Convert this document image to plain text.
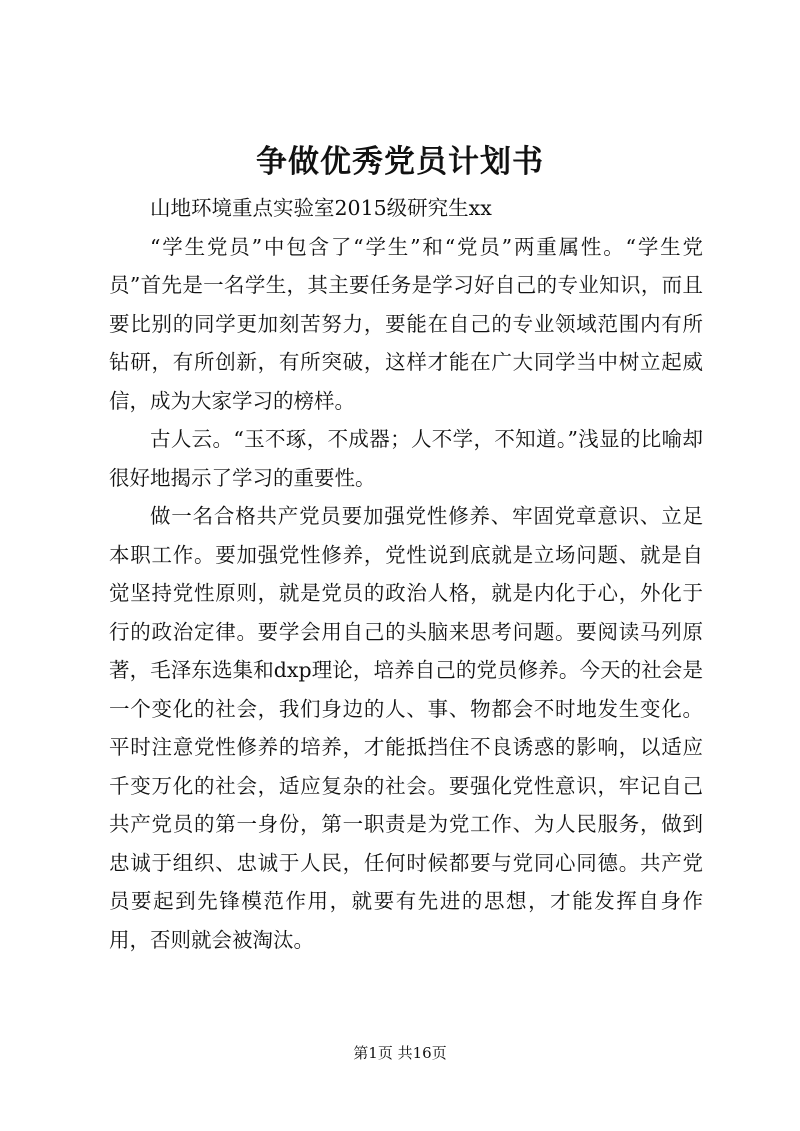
争做优秀党员计划书

山地环境重点实验室2015级研究生xx

“学生党员”中包含了“学生”和“党员”两重属性。“学生党员”首先是一名学生，其主要任务是学习好自己的专业知识，而且要比别的同学更加刻苦努力，要能在自己的专业领域范围内有所钻研，有所创新，有所突破，这样才能在广大同学当中树立起威信，成为大家学习的榜样。

古人云。“玉不琢，不成器；人不学，不知道。”浅显的比喻却很好地揭示了学习的重要性。

做一名合格共产党员要加强党性修养、牢固党章意识、立足本职工作。要加强党性修养，党性说到底就是立场问题、就是自觉坚持党性原则，就是党员的政治人格，就是内化于心，外化于行的政治定律。要学会用自己的头脑来思考问题。要阅读马列原著，毛泽东选集和dxp理论，培养自己的党员修养。今天的社会是一个变化的社会，我们身边的人、事、物都会不时地发生变化。平时注意党性修养的培养，才能抵挡住不良诱惑的影响，以适应千变万化的社会，适应复杂的社会。要强化党性意识，牢记自己共产党员的第一身份，第一职责是为党工作、为人民服务，做到忠诚于组织、忠诚于人民，任何时候都要与党同心同德。共产党员要起到先锋模范作用，就要有先进的思想，才能发挥自身作用，否则就会被淘汰。

第1页 共16页
